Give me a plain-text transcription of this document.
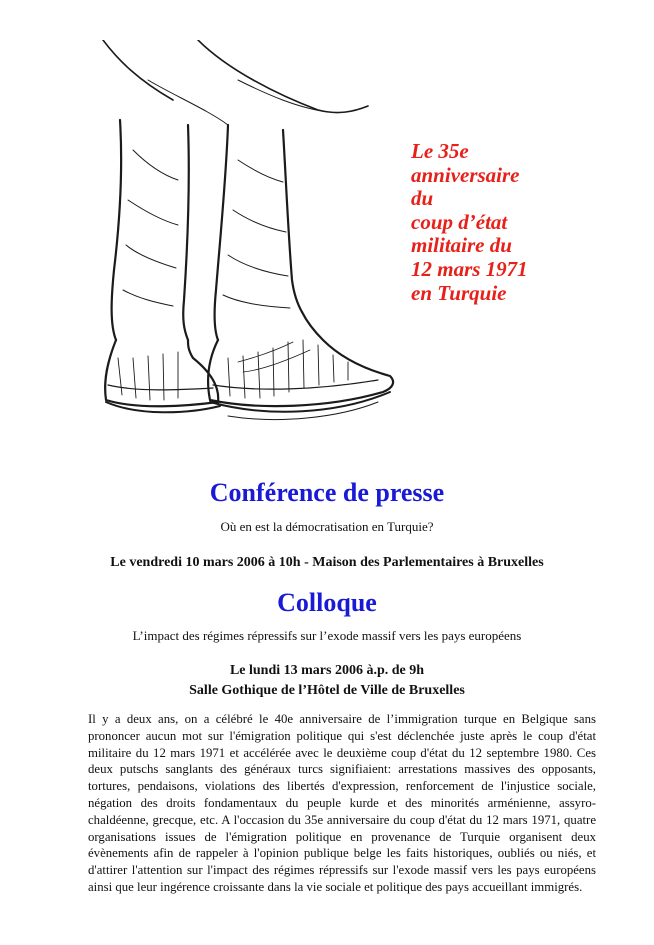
Le 35e
anniversaire
du
coup d’état
militaire du
12 mars 1971
en Turquie
Conférence de presse
Où en est la démocratisation en Turquie?
Le vendredi 10 mars 2006 à 10h - Maison des Parlementaires à Bruxelles
Colloque
L’impact des régimes répressifs sur l’exode massif vers les pays européens
Le lundi 13 mars 2006 à.p. de 9h
Salle Gothique de l’Hôtel de Ville de Bruxelles

Il y a deux ans, on a célébré le 40e anniversaire de l’immigration turque en Belgique sans prononcer aucun mot sur l'émigration politique qui s'est déclenchée juste après le coup d'état militaire du 12 mars 1971 et accélérée avec le deuxième coup d'état du 12 septembre 1980. Ces deux putschs sanglants des généraux turcs signifiaient: arrestations massives des opposants, tortures, pendaisons, violations des libertés d'expression, renforcement de l'injustice sociale, négation des droits fondamentaux du peuple kurde et des minorités arménienne, assyro-chaldéenne, grecque, etc. A l'occasion du 35e anniversaire du coup d'état du 12 mars 1971, quatre organisations issues de l'émigration politique en provenance de Turquie organisent deux évènements afin de rappeler à l'opinion publique belge les faits historiques, oubliés ou niés, et d'attirer l'attention sur l'impact des régimes répressifs sur l'exode massif vers les pays européens ainsi que leur ingérence croissante dans la vie sociale et politique des pays accueillant immigrés.
